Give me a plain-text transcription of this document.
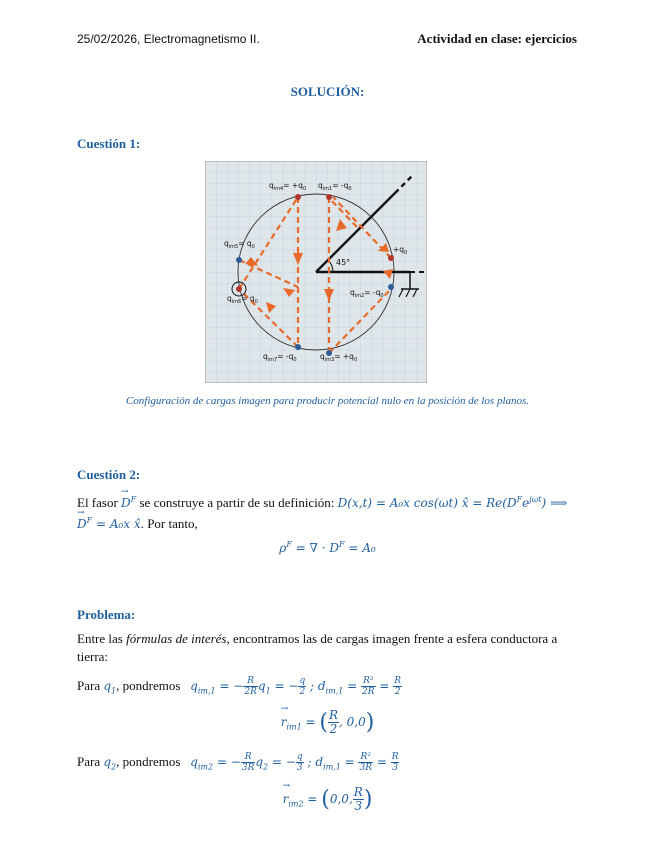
25/02/2026, Electromagnetismo II.	Actividad en clase: ejercicios
SOLUCIÓN:
Cuestión 1:
$q_{im4}= +q_0$ $q_{im1}= -q_0$
$q_{im5}= q_0$	$+q_0$
$q_{im6}= q_0$
$q_{im2}= -q_0$
$q_{im7}= -q_0$	$q_{im3}= +q_0$
45°
Configuración de cargas imagen para producir potencial nulo en la posición de los planos.
Cuestión 2:
El fasor → $D^F$ se construye a partir de su definición: D(x,t) = A₀x cos(ωt) x̂ = $Re(D^Fe^{j\omega t})$ ⟹
→ $D^F = A_0x$ x̂. Por tanto,
$\rho^F$ = ∇ · $D^F = A_0$
Problema:
Entre las fórmulas de interés, encontramos las de cargas imagen frente a esfera conductora a
tierra:
Para $q_1$, pondremos $q_{im,1}$ = − $\frac{R}{2R} q_1$ = − $\frac{q}{2}$ ; $d_{im,1} = \frac{\text{R²}}{2R} = \frac{R}{2}$
→ $r_{im1}$ = ( $\frac{R}{2}$ , 0,0)
Para $q_2$, pondremos $q_{im2}$ = − $\frac{R}{3R} q_2$ = − $\frac{q}{3}$ ; $d_{im,1} = \frac{\text{R²}}{3R} = \frac{R}{3}$
→ $r_{im2} = (0,0$, $\frac{R}{3}$ )
